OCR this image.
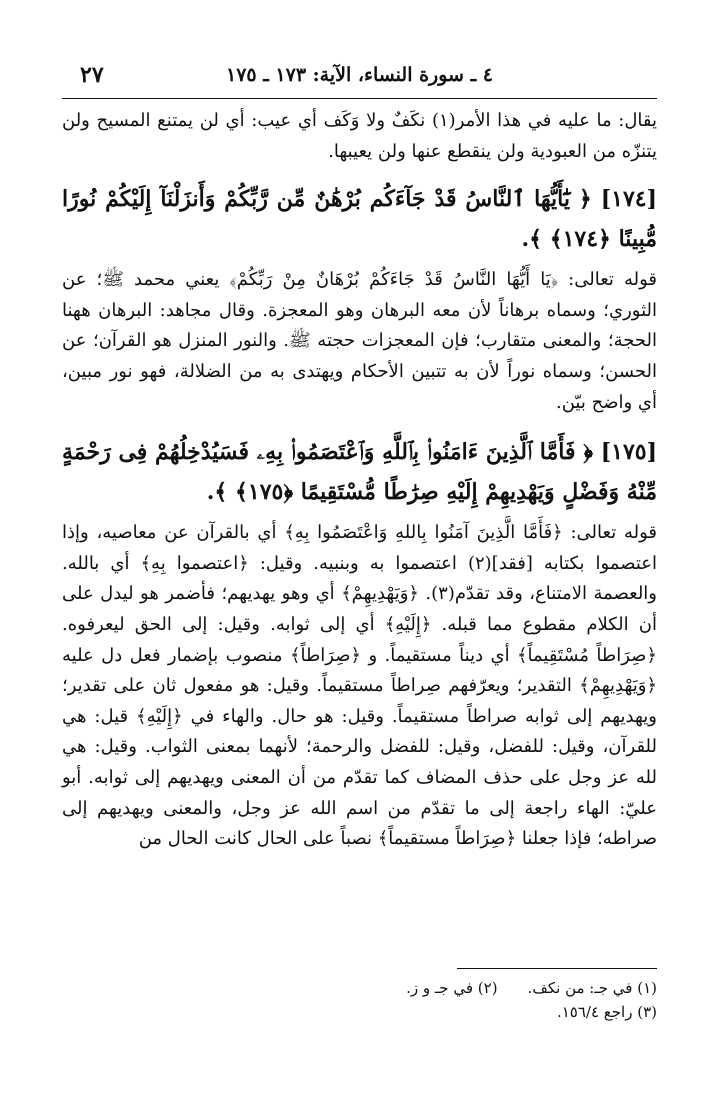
٢٧	٤ ـ سورة النساء، الآية: ١٧٣ ـ ١٧٥

يقال: ما عليه في هذا الأمر(١) نكَفٌ ولا وَكَف أي عيب: أي لن يمتنع المسيح ولن يتنزّه من العبودية ولن ينقطع عنها ولن يعيبها.

[١٧٤] ﴿ يَٰٓأَيُّهَا ٱلنَّاسُ قَدْ جَآءَكُم بُرْهَٰنٌ مِّن رَّبِّكُمْ وَأَنزَلْنَآ إِلَيْكُمْ نُورًا مُّبِينًا ﴿١٧٤﴾ ﴾.

قوله تعالى: ﴿يَا أَيُّهَا النَّاسُ قَدْ جَاءَكُمْ بُرْهَانٌ مِنْ رَبِّكُمْ﴾ يعني محمد ﷺ؛ عن الثوري؛ وسماه برهاناً لأن معه البرهان وهو المعجزة. وقال مجاهد: البرهان ههنا الحجة؛ والمعنى متقارب؛ فإن المعجزات حجته ﷺ. والنور المنزل هو القرآن؛ عن الحسن؛ وسماه نوراً لأن به تتبين الأحكام ويهتدى به من الضلالة، فهو نور مبين، أي واضح بيّن.

[١٧٥] ﴿ فَأَمَّا ٱلَّذِينَ ءَامَنُوا۟ بِٱللَّهِ وَٱعْتَصَمُوا۟ بِهِۦ فَسَيُدْخِلُهُمْ فِى رَحْمَةٍ مِّنْهُ وَفَضْلٍ وَيَهْدِيهِمْ إِلَيْهِ صِرَٰطًا مُّسْتَقِيمًا ﴿١٧٥﴾ ﴾.

قوله تعالى: ﴿فَأَمَّا الَّذِينَ آمَنُوا بِاللهِ وَاعْتَصَمُوا بِهِ﴾ أي بالقرآن عن معاصيه، وإذا اعتصموا بكتابه [فقد](٢) اعتصموا به وبنبيه. وقيل: ﴿اعتصموا بِهِ﴾ أي بالله. والعصمة الامتناع، وقد تقدّم(٣). ﴿وَيَهْدِيهِمْ﴾ أي وهو يهديهم؛ فأضمر هو ليدل على أن الكلام مقطوع مما قبله. ﴿إِلَيْهِ﴾ أي إلى ثوابه. وقيل: إلى الحق ليعرفوه. ﴿صِرَاطاً مُسْتَقِيماً﴾ أي ديناً مستقيماً. و ﴿صِرَاطاً﴾ منصوب بإضمار فعل دل عليه ﴿وَيَهْدِيهِمْ﴾ التقدير؛ ويعرّفهم صِراطاً مستقيماً. وقيل: هو مفعول ثان على تقدير؛ ويهديهم إلى ثوابه صراطاً مستقيماً. وقيل: هو حال. والهاء في ﴿إِلَيْهِ﴾ قيل: هي للقرآن، وقيل: للفضل، وقيل: للفضل والرحمة؛ لأنهما بمعنى الثواب. وقيل: هي لله عز وجل على حذف المضاف كما تقدّم من أن المعنى ويهديهم إلى ثوابه. أبو عليّ: الهاء راجعة إلى ما تقدّم من اسم الله عز وجل، والمعنى ويهديهم إلى صراطه؛ فإذا جعلنا ﴿صِرَاطاً مستقيماً﴾ نصباً على الحال كانت الحال من

(١) في جـ: من نكف.
(٢) في جـ و ز.
(٣) راجع ١٥٦/٤.
